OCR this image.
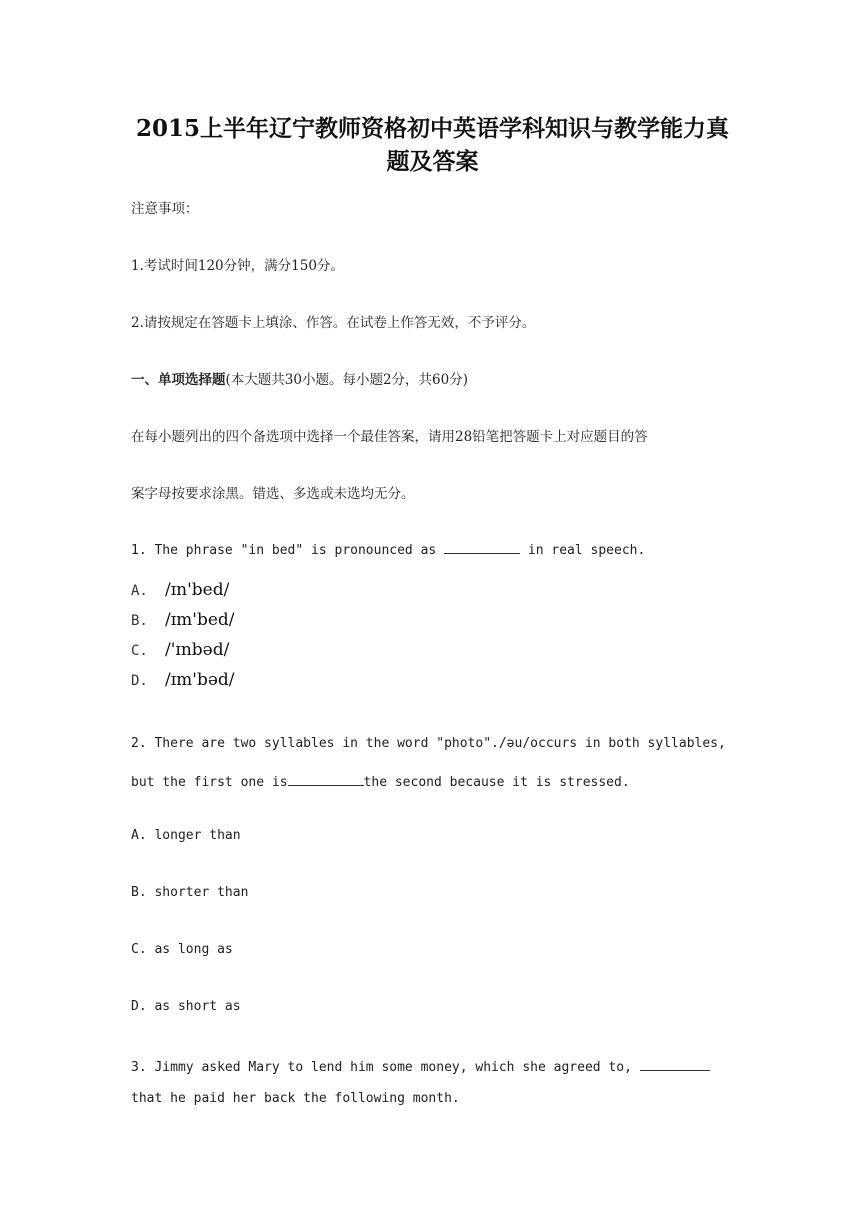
2015上半年辽宁教师资格初中英语学科知识与教学能力真
题及答案
注意事项：
1.考试时间120分钟，满分150分。
2.请按规定在答题卡上填涂、作答。在试卷上作答无效，不予评分。
一、单项选择题(本大题共30小题。每小题2分，共60分)
在每小题列出的四个备选项中选择一个最佳答案，请用28铅笔把答题卡上对应题目的答
案字母按要求涂黑。错选、多选或未选均无分。
1. The phrase "in bed" is pronounced as	in real speech.
A. /ɪn'bed/
B. /ɪm'bed/
C. /'ɪnbəd/
D. /ɪm'bəd/
2. There are two syllables in the word "photo"./əu/occurs in both syllables,
but the first one is	the second because it is stressed.
A. longer than
B. shorter than
C. as long as
D. as short as
3. Jimmy asked Mary to lend him some money, which she agreed to,
that he paid her back the following month.
